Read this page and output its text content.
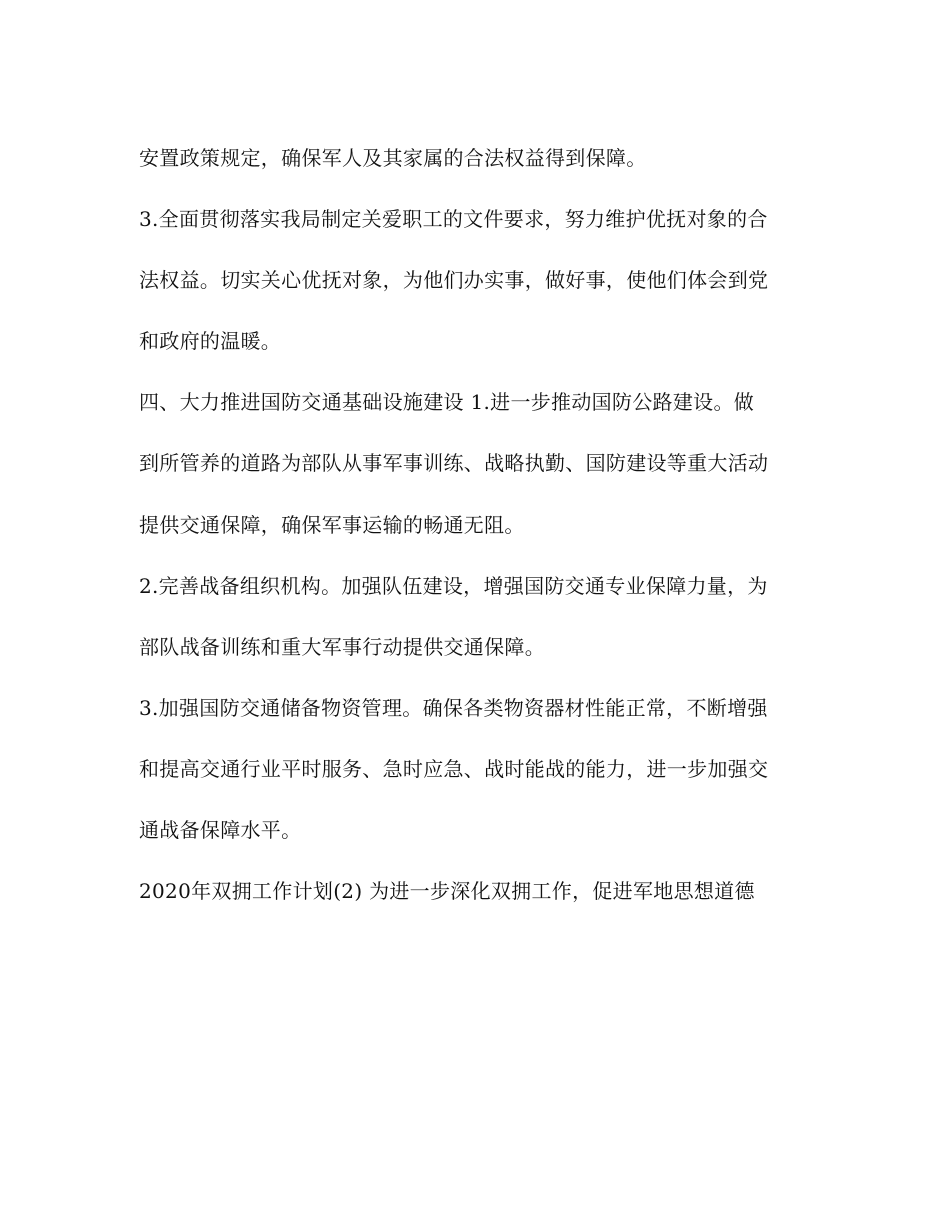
安置政策规定，确保军人及其家属的合法权益得到保障。
3.全面贯彻落实我局制定关爱职工的文件要求，努力维护优抚对象的合
法权益。切实关心优抚对象，为他们办实事，做好事，使他们体会到党
和政府的温暖。
四、大力推进国防交通基础设施建设 1.进一步推动国防公路建设。做
到所管养的道路为部队从事军事训练、战略执勤、国防建设等重大活动
提供交通保障，确保军事运输的畅通无阻。
2.完善战备组织机构。加强队伍建设，增强国防交通专业保障力量，为
部队战备训练和重大军事行动提供交通保障。
3.加强国防交通储备物资管理。确保各类物资器材性能正常，不断增强
和提高交通行业平时服务、急时应急、战时能战的能力，进一步加强交
通战备保障水平。
2020年双拥工作计划(2) 为进一步深化双拥工作，促进军地思想道德
